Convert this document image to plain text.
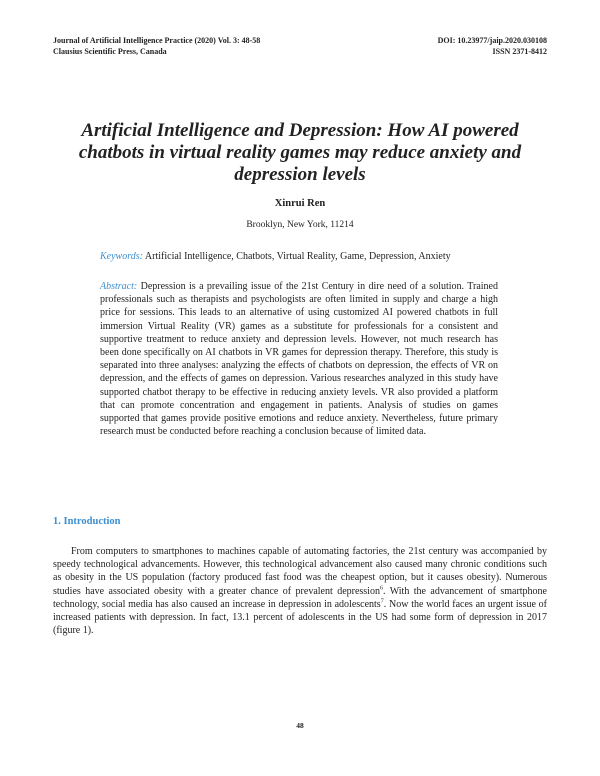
Journal of Artificial Intelligence Practice (2020) Vol. 3: 48-58
Clausius Scientific Press, Canada
DOI: 10.23977/jaip.2020.030108
ISSN 2371-8412
Artificial Intelligence and Depression: How AI powered chatbots in virtual reality games may reduce anxiety and depression levels
Xinrui Ren
Brooklyn, New York, 11214
Keywords: Artificial Intelligence, Chatbots, Virtual Reality, Game, Depression, Anxiety
Abstract: Depression is a prevailing issue of the 21st Century in dire need of a solution. Trained professionals such as therapists and psychologists are often limited in supply and charge a high price for sessions. This leads to an alternative of using customized AI powered chatbots in full immersion Virtual Reality (VR) games as a substitute for professionals for a consistent and supportive treatment to reduce anxiety and depression levels. However, not much research has been done specifically on AI chatbots in VR games for depression therapy. Therefore, this study is separated into three analyses: analyzing the effects of chatbots on depression, the effects of VR on depression, and the effects of games on depression. Various researches analyzed in this study have supported chatbot therapy to be effective in reducing anxiety levels. VR also provided a platform that can promote concentration and engagement in patients. Analysis of studies on games supported that games provide positive emotions and reduce anxiety. Nevertheless, future primary research must be conducted before reaching a conclusion because of limited data.
1. Introduction

From computers to smartphones to machines capable of automating factories, the 21st century was accompanied by speedy technological advancements. However, this technological advancement also caused many chronic conditions such as obesity in the US population (factory produced fast food was the cheapest option, but it causes obesity). Numerous studies have associated obesity with a greater chance of prevalent depression$^6$. With the advancement of smartphone technology, social media has also caused an increase in depression in adolescents$^7$. Now the world faces an urgent issue of increased patients with depression. In fact, 13.1 percent of adolescents in the US had some form of depression in 2017 (figure 1).

48
